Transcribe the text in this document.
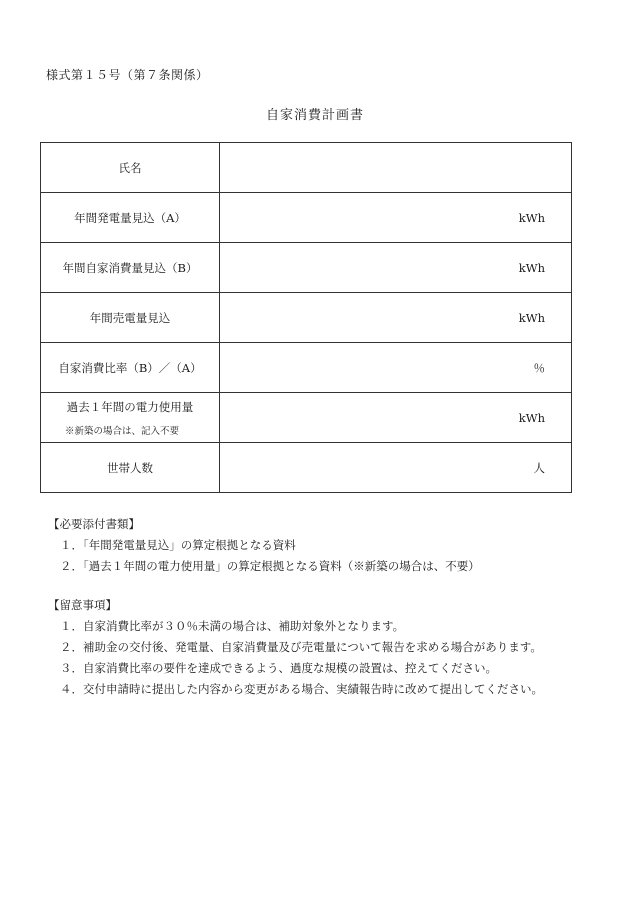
様式第１５号（第７条関係）
自家消費計画書
氏名	

年間発電量見込（A）	kWh

年間自家消費量見込（B）	kWh

年間売電量見込	kWh

自家消費比率（B）／（A）	％

過去１年間の電力使用量
※新築の場合は、記入不要	kWh

世帯人数	人
【必要添付書類】
１．「年間発電量見込」の算定根拠となる資料
２．「過去１年間の電力使用量」の算定根拠となる資料（※新築の場合は、不要）
【留意事項】
１．自家消費比率が３０％未満の場合は、補助対象外となります。
２．補助金の交付後、発電量、自家消費量及び売電量について報告を求める場合があります。
３．自家消費比率の要件を達成できるよう、過度な規模の設置は、控えてください。
４．交付申請時に提出した内容から変更がある場合、実績報告時に改めて提出してください。
